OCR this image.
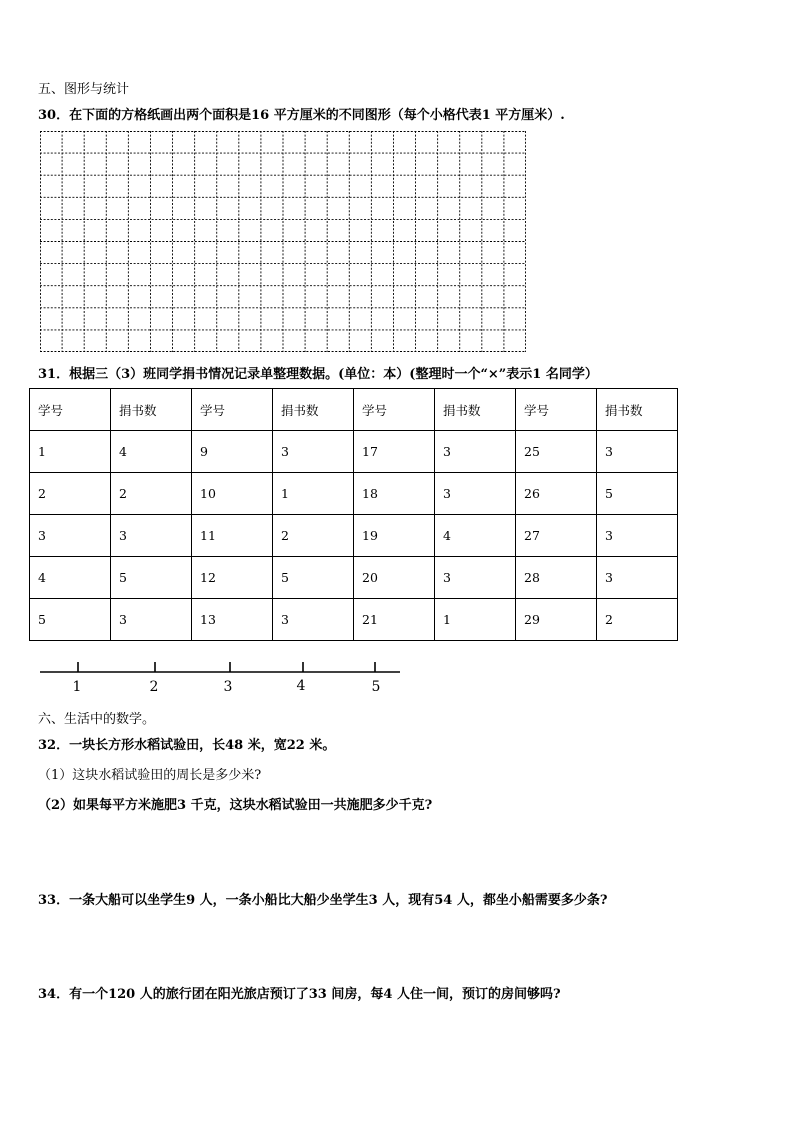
五、图形与统计
30．在下面的方格纸画出两个面积是16 平方厘米的不同图形（每个小格代表1 平方厘米）.
31．根据三（3）班同学捐书情况记录单整理数据。(单位：本）(整理时一个“×”表示1 名同学）
学号	捐书数	学号	捐书数	学号	捐书数	学号	捐书数
1	4	9	3	17	3	25	3
2	2	10	1	18	3	26	5
3	3	11	2	19	4	27	3
4	5	12	5	20	3	28	3
5	3	13	3	21	1	29	2
1	2	3	4	5
六、生活中的数学。
32．一块长方形水稻试验田，长48 米，宽22 米。
（1）这块水稻试验田的周长是多少米?
（2）如果每平方米施肥3 千克，这块水稻试验田一共施肥多少千克?
33．一条大船可以坐学生9 人，一条小船比大船少坐学生3 人，现有54 人，都坐小船需要多少条?
34．有一个120 人的旅行团在阳光旅店预订了33 间房，每4 人住一间，预订的房间够吗?
